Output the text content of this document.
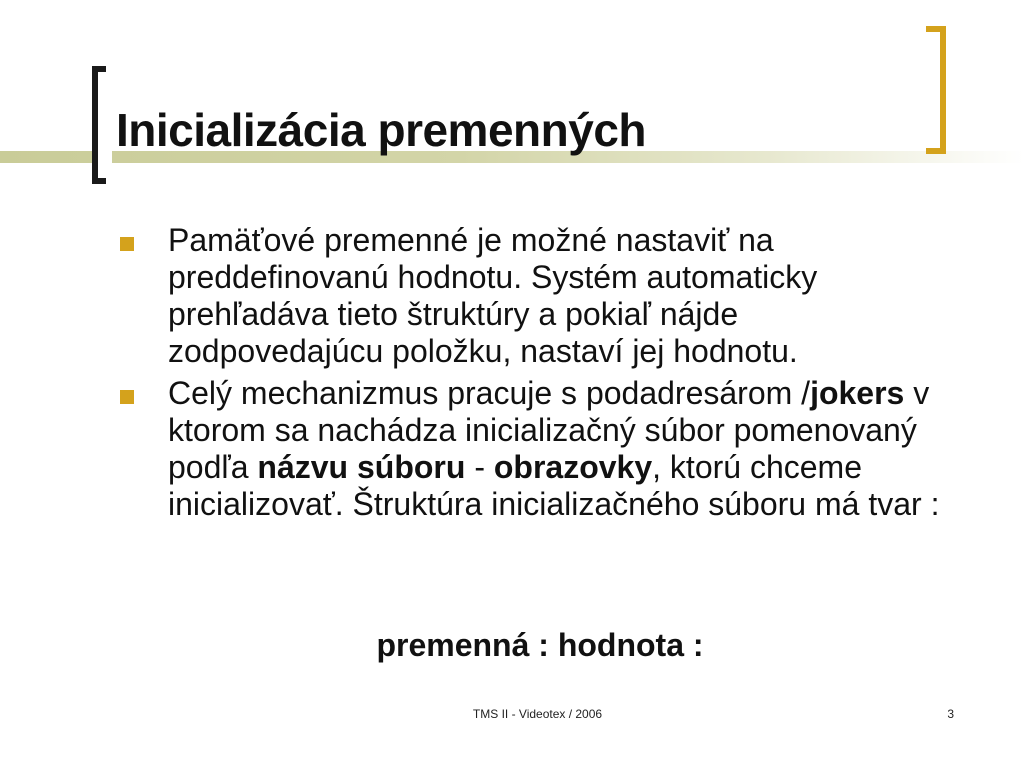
Inicializácia premenných
Pamäťové premenné je možné nastaviť na preddefinovanú hodnotu. Systém automaticky prehľadáva tieto štruktúry a pokiaľ nájde zodpovedajúcu položku, nastaví jej hodnotu.
Celý mechanizmus pracuje s podadresárom /jokers v ktorom sa nachádza inicializačný súbor pomenovaný podľa názvu súboru - obrazovky, ktorú chceme inicializovať. Štruktúra inicializačného súboru má tvar :
premenná : hodnota :
TMS II - Videotex / 2006	3
